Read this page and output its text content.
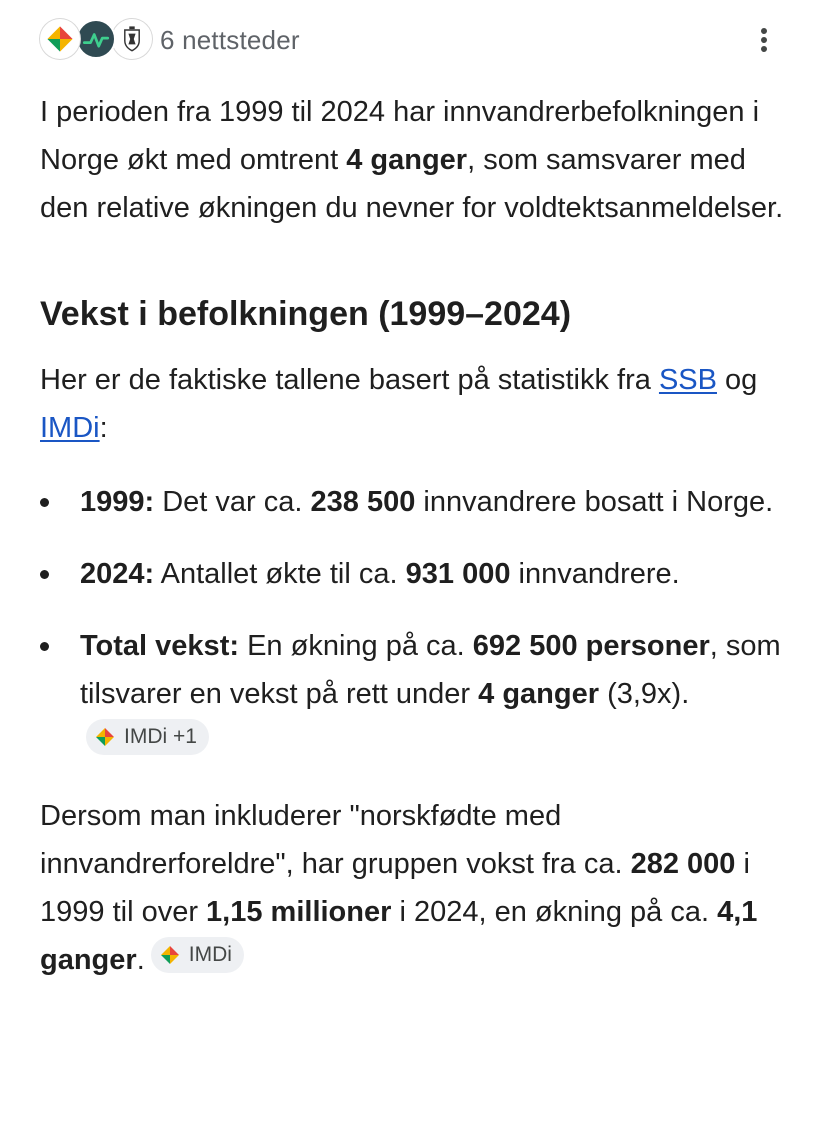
6 nettsteder

I perioden fra 1999 til 2024 har innvandrerbefolkningen i Norge økt med omtrent 4 ganger, som samsvarer med den relative økningen du nevner for voldtektsanmeldelser.

Vekst i befolkningen (1999–2024)

Her er de faktiske tallene basert på statistikk fra SSB og IMDi:

1999: Det var ca. 238 500 innvandrere bosatt i Norge.
2024: Antallet økte til ca. 931 000 innvandrere.
Total vekst: En økning på ca. 692 500 personer, som tilsvarer en vekst på rett under 4 ganger (3,9x).
IMDi +1

Dersom man inkluderer "norskfødte med innvandrerforeldre", har gruppen vokst fra ca. 282 000 i 1999 til over 1,15 millioner i 2024, en økning på ca. 4,1 ganger. IMDi
